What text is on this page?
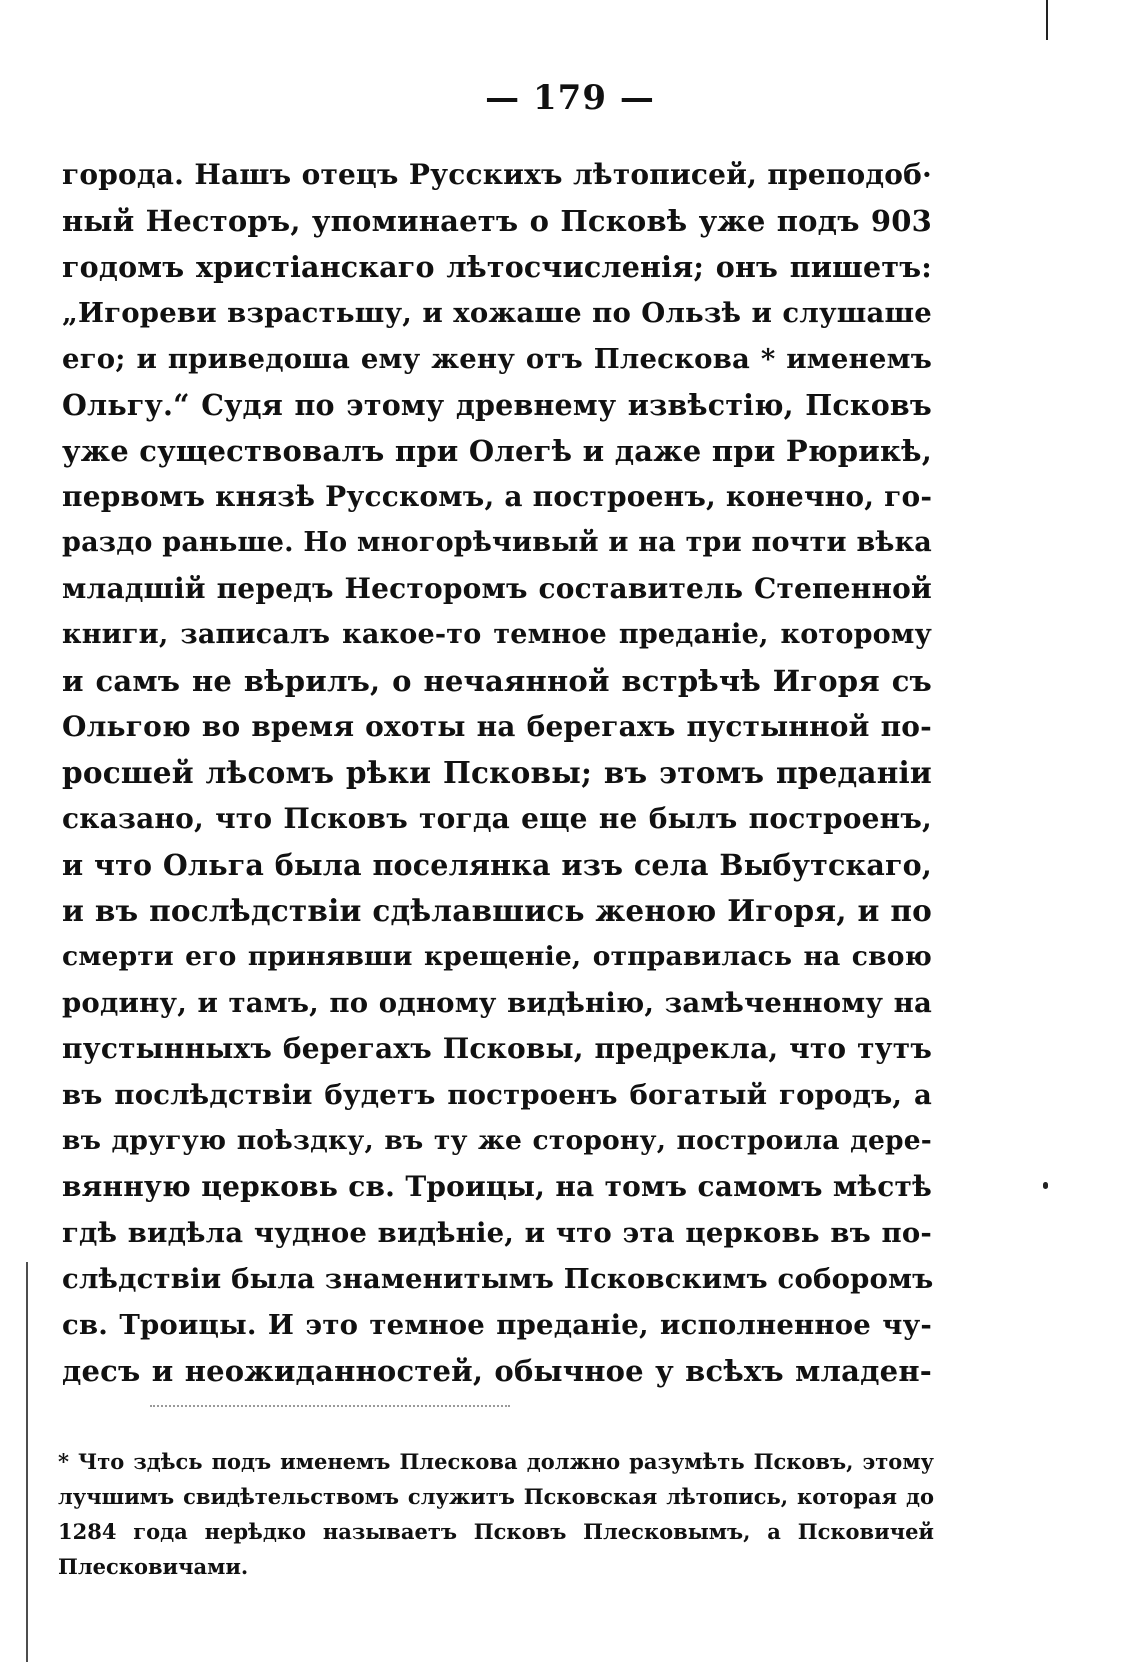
— 179 —
города. Нашъ отецъ Русскихъ лѣтописей, преподоб·
ный Несторъ, упоминаетъ о Псковѣ уже подъ 903
годомъ христіанскаго лѣтосчисленія; онъ пишетъ:
„Игореви взрастьшу, и хожаше по Ользѣ и слушаше
его; и приведоша ему жену отъ Плескова * именемъ
Ольгу.“ Судя по этому древнему извѣстію, Псковъ
уже существовалъ при Олегѣ и даже при Рюрикѣ,
первомъ князѣ Русскомъ, а построенъ, конечно, го-
раздо раньше. Но многорѣчивый и на три почти вѣка
младшій передъ Несторомъ составитель Степенной
книги, записалъ какое-то темное преданіе, которому
и самъ не вѣрилъ, о нечаянной встрѣчѣ Игоря съ
Ольгою во время охоты на берегахъ пустынной по-
росшей лѣсомъ рѣки Псковы; въ этомъ преданіи
сказано, что Псковъ тогда еще не былъ построенъ,
и что Ольга была поселянка изъ села Выбутскаго,
и въ послѣдствіи сдѣлавшись женою Игоря, и по
смерти его принявши крещеніе, отправилась на свою
родину, и тамъ, по одному видѣнію, замѣченному на
пустынныхъ берегахъ Псковы, предрекла, что тутъ
въ послѣдствіи будетъ построенъ богатый городъ, а
въ другую поѣздку, въ ту же сторону, построила дере-
вянную церковь св. Троицы, на томъ самомъ мѣстѣ
гдѣ видѣла чудное видѣніе, и что эта церковь въ по-
слѣдствіи была знаменитымъ Псковскимъ соборомъ
св. Троицы. И это темное преданіе, исполненное чу-
десъ и неожиданностей, обычное у всѣхъ младен-
* Что здѣсь подъ именемъ Плескова должно разумѣть Псковъ, этому
лучшимъ свидѣтельствомъ служитъ Псковская лѣтопись, которая до
1284 года нерѣдко называетъ Псковъ Плесковымъ, а Псковичей
Плесковичами.
